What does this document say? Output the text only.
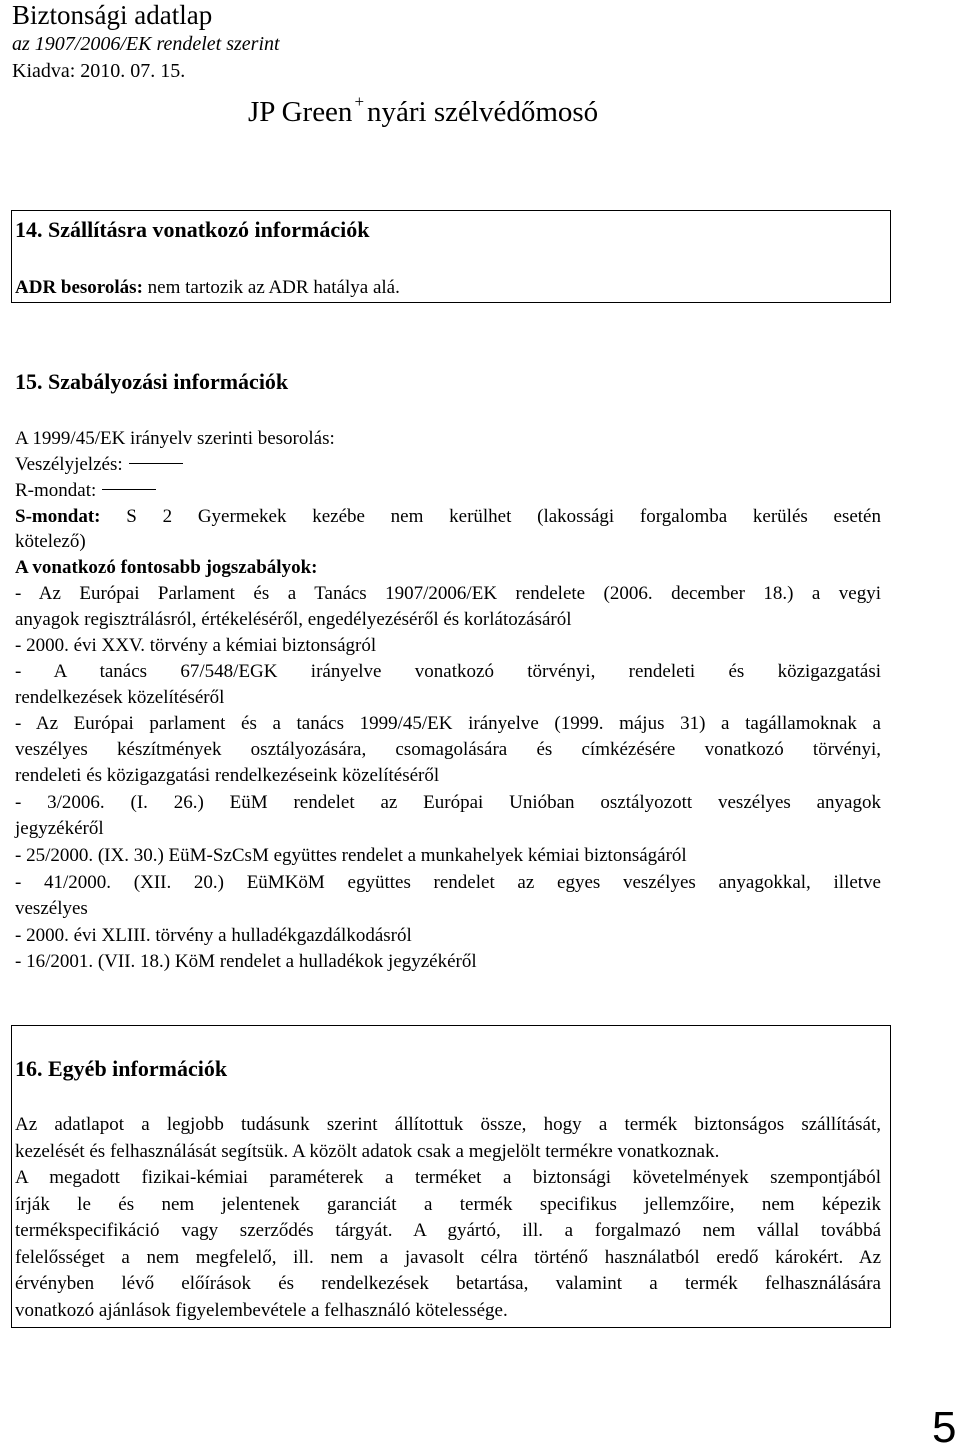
Biztonsági adatlap
az 1907/2006/EK rendelet szerint
Kiadva: 2010. 07. 15.
JP Green + nyári szélvédőmosó
14. Szállításra vonatkozó információk
ADR besorolás: nem tartozik az ADR hatálya alá.
15. Szabályozási információk
A 1999/45/EK irányelv szerinti besorolás:
Veszélyjelzés:
R-mondat:
S-mondat: S 2 Gyermekek kezébe nem kerülhet (lakossági forgalomba kerülés esetén
kötelező)
A vonatkozó fontosabb jogszabályok:
- Az Európai Parlament és a Tanács 1907/2006/EK rendelete (2006. december 18.) a vegyi
anyagok regisztrálásról, értékeléséről, engedélyezéséről és korlátozásáról
- 2000. évi XXV. törvény a kémiai biztonságról
- A tanács 67/548/EGK irányelve vonatkozó törvényi, rendeleti és közigazgatási
rendelkezések közelítéséről
- Az Európai parlament és a tanács 1999/45/EK irányelve (1999. május 31) a tagállamoknak a
veszélyes készítmények osztályozására, csomagolására és címkézésére vonatkozó törvényi,
rendeleti és közigazgatási rendelkezéseink közelítéséről
- 3/2006. (I. 26.) EüM rendelet az Európai Unióban osztályozott veszélyes anyagok
jegyzékéről
- 25/2000. (IX. 30.) EüM-SzCsM együttes rendelet a munkahelyek kémiai biztonságáról
- 41/2000. (XII. 20.) EüMKöM együttes rendelet az egyes veszélyes anyagokkal, illetve
veszélyes
- 2000. évi XLIII. törvény a hulladékgazdálkodásról
- 16/2001. (VII. 18.) KöM rendelet a hulladékok jegyzékéről
16. Egyéb információk
Az adatlapot a legjobb tudásunk szerint állítottuk össze, hogy a termék biztonságos szállítását,
kezelését és felhasználását segítsük. A közölt adatok csak a megjelölt termékre vonatkoznak.
A megadott fizikai-kémiai paraméterek a terméket a biztonsági követelmények szempontjából
írják le és nem jelentenek garanciát a termék specifikus jellemzőire, nem képezik
termékspecifikáció vagy szerződés tárgyát. A gyártó, ill. a forgalmazó nem vállal továbbá
felelősséget a nem megfelelő, ill. nem a javasolt célra történő használatból eredő károkért. Az
érvényben lévő előírások és rendelkezések betartása, valamint a termék felhasználására
vonatkozó ajánlások figyelembevétele a felhasználó kötelessége.
5
